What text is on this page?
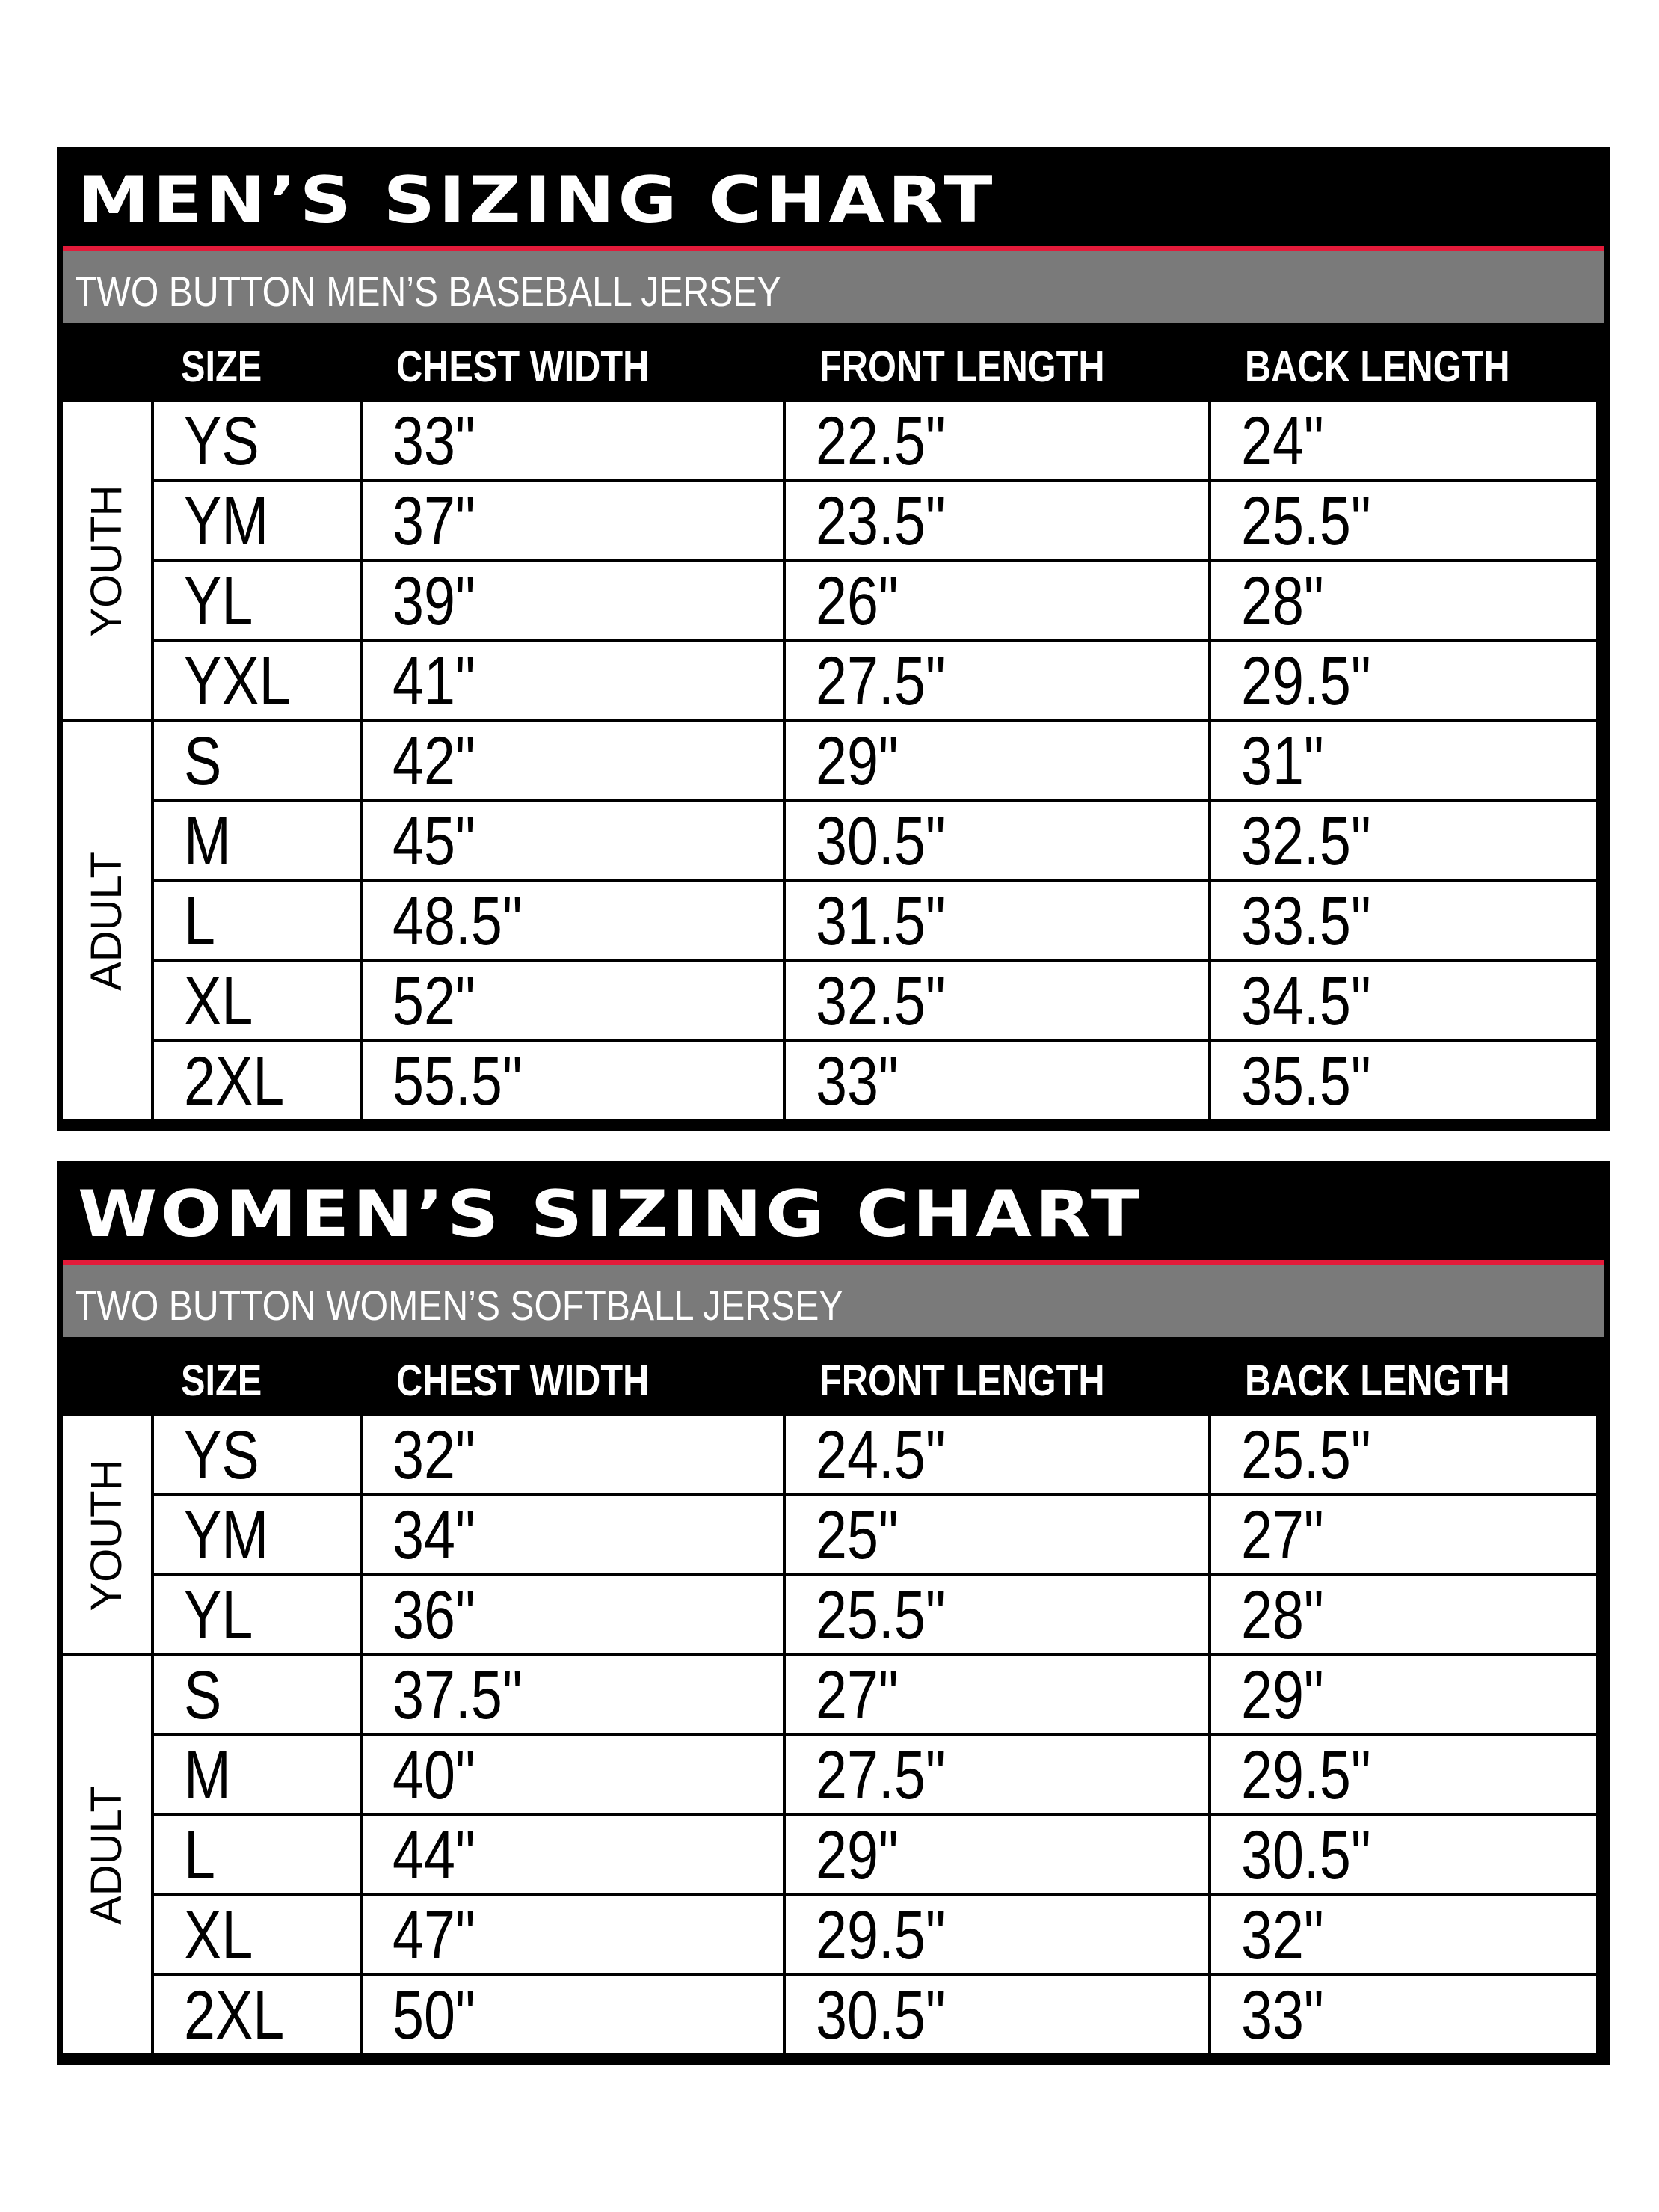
MEN’S SIZING CHART
TWO BUTTON MEN’S BASEBALL JERSEY
SIZE	CHEST WIDTH	FRONT LENGTH	BACK LENGTH
YOUTH
YS 33"	22.5"	24"
YM 37"	23.5"	25.5"
YL 39"	26"	28"
YXL 41"	27.5"	29.5"
ADULT
S 42"	29"	31"
M 45"	30.5"	32.5"
L	48.5"	31.5"	33.5"
XL 52"	32.5"	34.5"
2XL 55.5"	33"	35.5"
WOMEN’S SIZING CHART
TWO BUTTON WOMEN’S SOFTBALL JERSEY
SIZE	CHEST WIDTH	FRONT LENGTH	BACK LENGTH
YOUTH
YS 32"	24.5"	25.5"
YM 34"	25"	27"
YL 36"	25.5"	28"
ADULT
S 37.5"	27"	29"
M 40"	27.5"	29.5"
L	44"	29"	30.5"
XL 47"	29.5"	32"
2XL 50"	30.5"	33"
